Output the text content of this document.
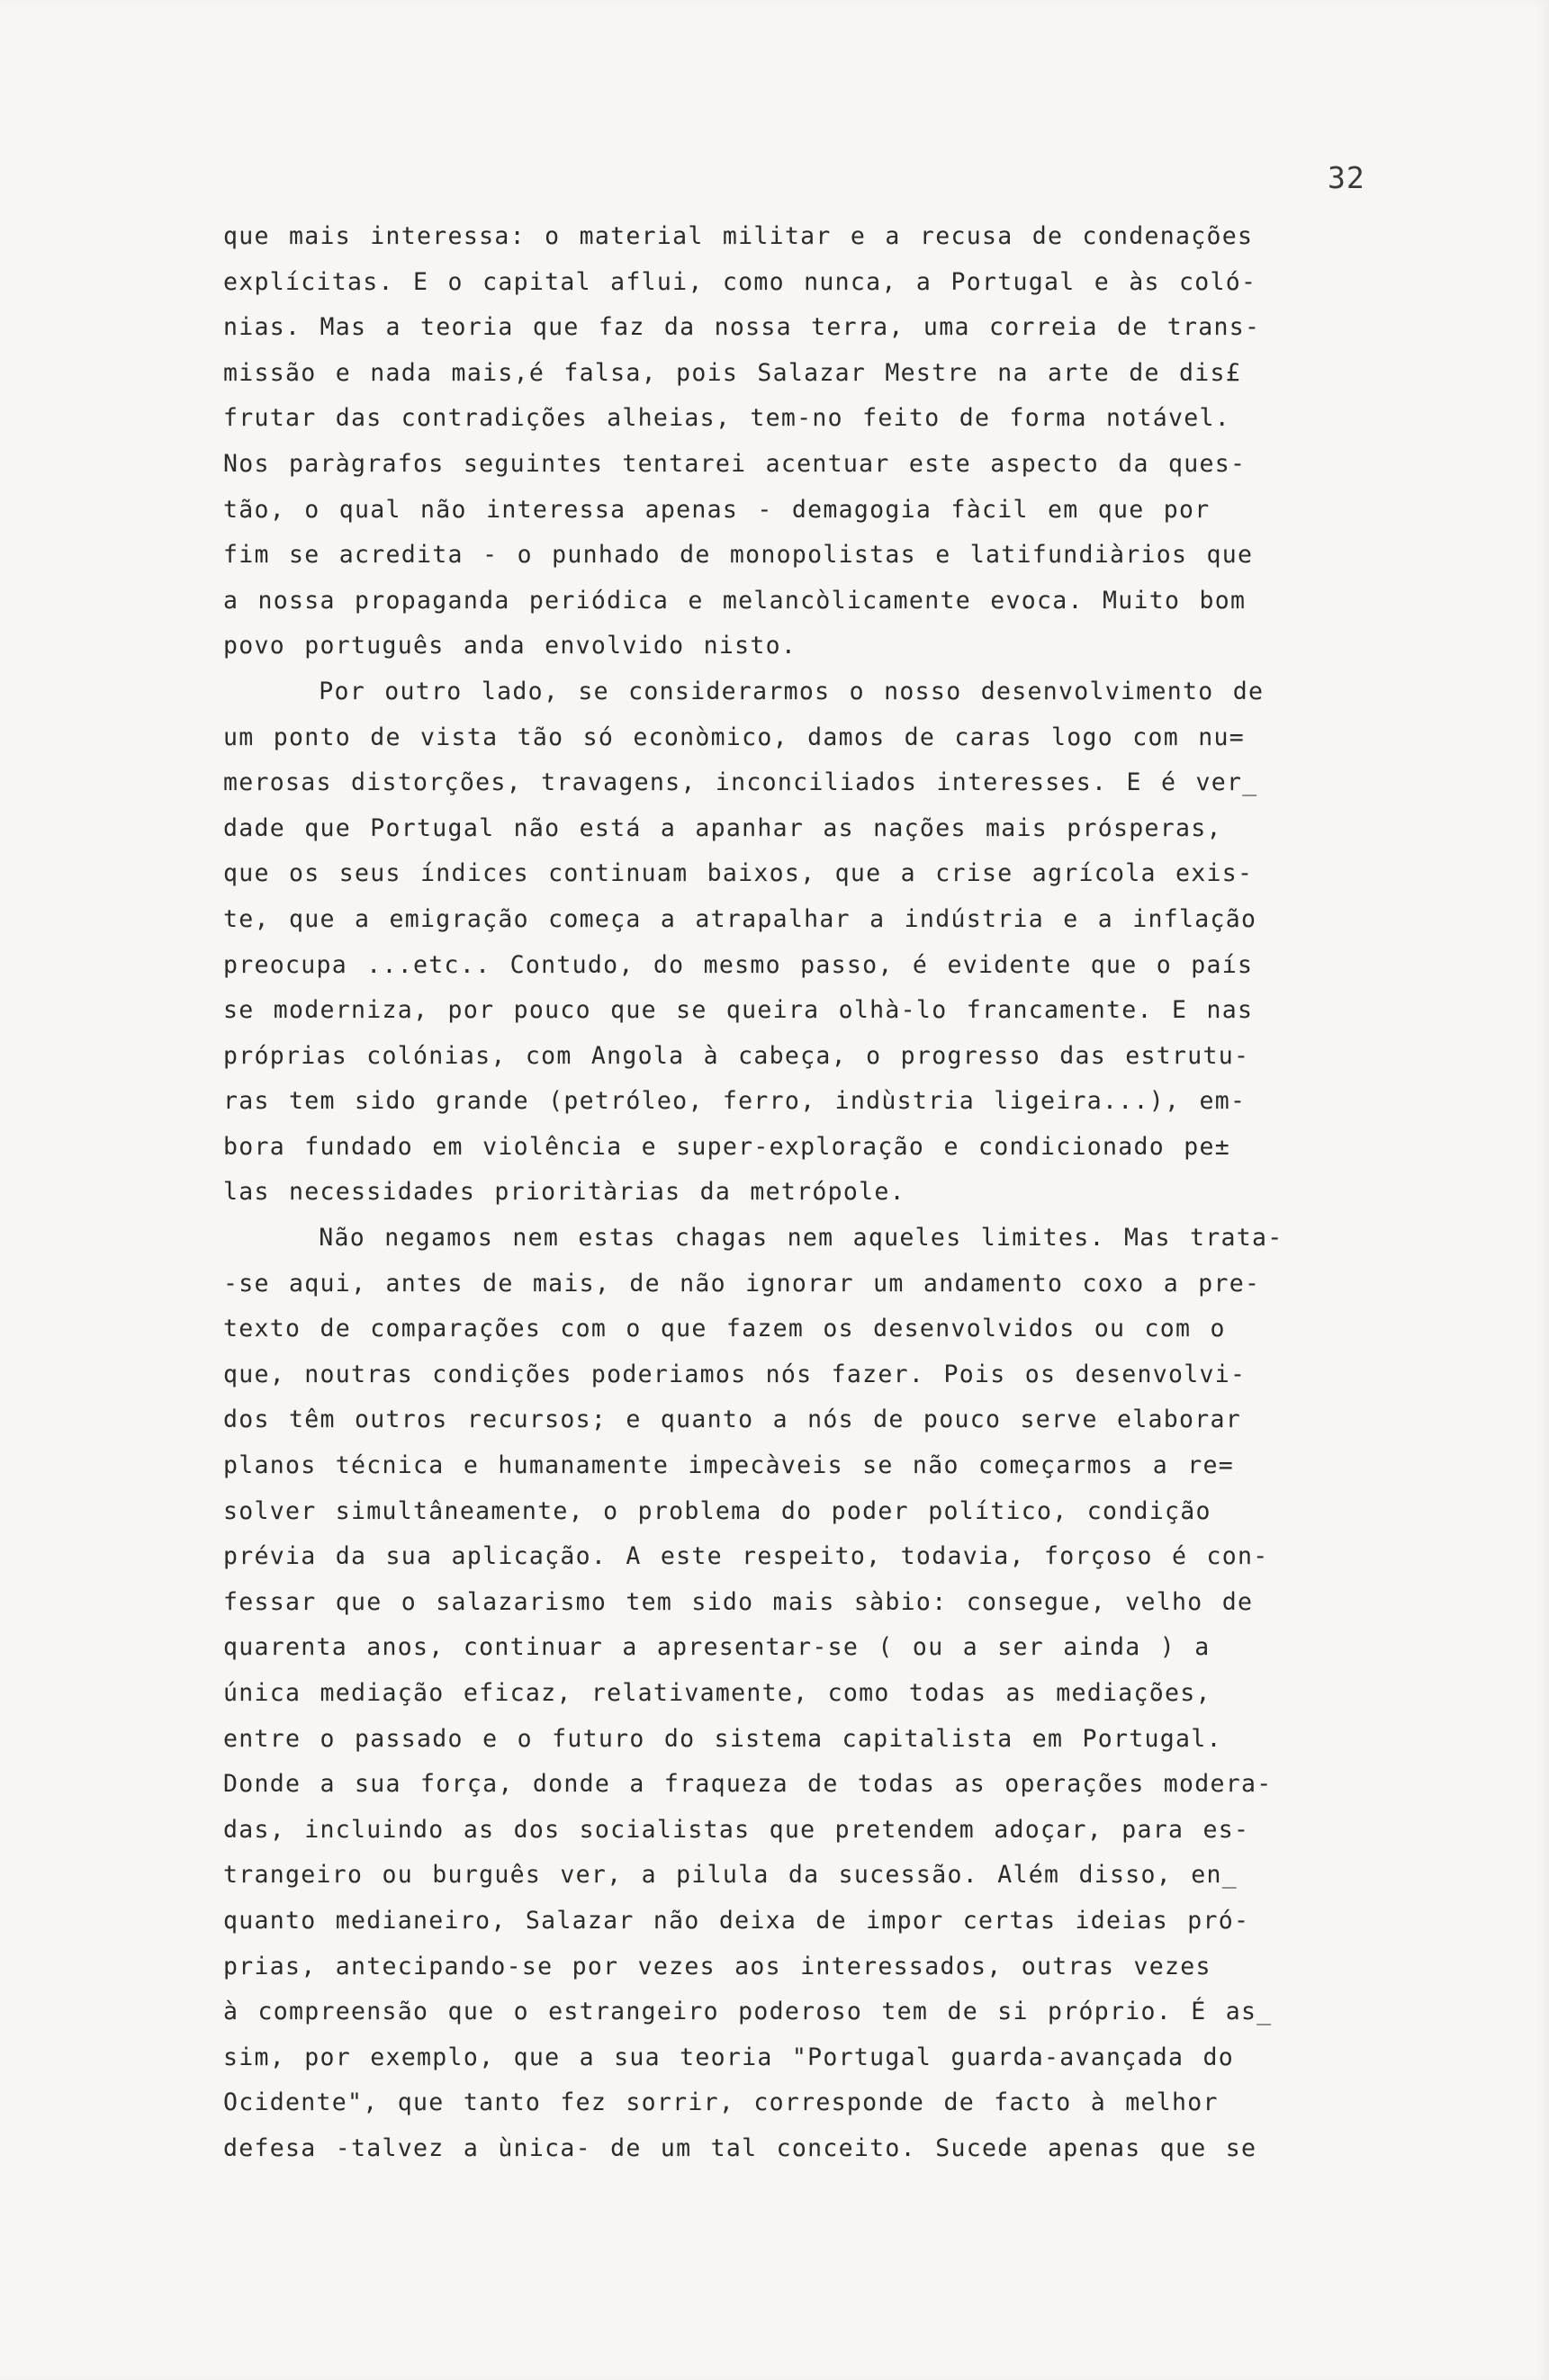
32
que mais interessa: o material militar e a recusa de condenações
explícitas. E o capital aflui, como nunca, a Portugal e às coló-
nias. Mas a teoria que faz da nossa terra, uma correia de trans-
missão e nada mais,é falsa, pois Salazar Mestre na arte de dis£
frutar das contradições alheias, tem-no feito de forma notável.
Nos paràgrafos seguintes tentarei acentuar este aspecto da ques-
tão, o qual não interessa apenas - demagogia fàcil em que por
fim se acredita - o punhado de monopolistas e latifundiàrios que
a nossa propaganda periódica e melancòlicamente evoca. Muito bom
povo português anda envolvido nisto.
Por outro lado, se considerarmos o nosso desenvolvimento de
um ponto de vista tão só econòmico, damos de caras logo com nu=
merosas distorções, travagens, inconciliados interesses. E é ver_
dade que Portugal não está a apanhar as nações mais prósperas,
que os seus índices continuam baixos, que a crise agrícola exis-
te, que a emigração começa a atrapalhar a indústria e a inflação
preocupa ...etc.. Contudo, do mesmo passo, é evidente que o país
se moderniza, por pouco que se queira olhà-lo francamente. E nas
próprias colónias, com Angola à cabeça, o progresso das estrutu-
ras tem sido grande (petróleo, ferro, indùstria ligeira...), em-
bora fundado em violência e super-exploração e condicionado pe±
las necessidades prioritàrias da metrópole.
Não negamos nem estas chagas nem aqueles limites. Mas trata-
-se aqui, antes de mais, de não ignorar um andamento coxo a pre-
texto de comparações com o que fazem os desenvolvidos ou com o
que, noutras condições poderiamos nós fazer. Pois os desenvolvi-
dos têm outros recursos; e quanto a nós de pouco serve elaborar
planos técnica e humanamente impecàveis se não começarmos a re=
solver simultâneamente, o problema do poder político, condição
prévia da sua aplicação. A este respeito, todavia, forçoso é con-
fessar que o salazarismo tem sido mais sàbio: consegue, velho de
quarenta anos, continuar a apresentar-se ( ou a ser ainda ) a
única mediação eficaz, relativamente, como todas as mediações,
entre o passado e o futuro do sistema capitalista em Portugal.
Donde a sua força, donde a fraqueza de todas as operações modera-
das, incluindo as dos socialistas que pretendem adoçar, para es-
trangeiro ou burguês ver, a pilula da sucessão. Além disso, en_
quanto medianeiro, Salazar não deixa de impor certas ideias pró-
prias, antecipando-se por vezes aos interessados, outras vezes
à compreensão que o estrangeiro poderoso tem de si próprio. É as_
sim, por exemplo, que a sua teoria "Portugal guarda-avançada do
Ocidente", que tanto fez sorrir, corresponde de facto à melhor
defesa -talvez a ùnica- de um tal conceito. Sucede apenas que se
